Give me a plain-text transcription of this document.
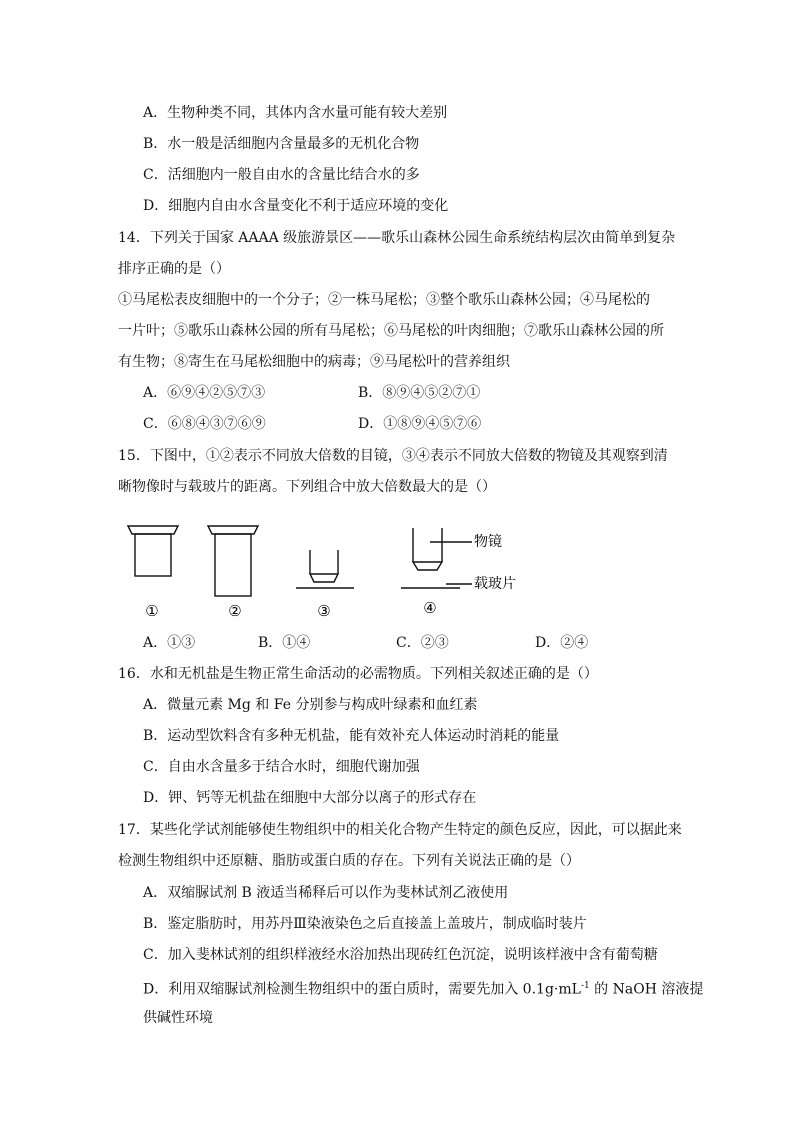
A．生物种类不同，其体内含水量可能有较大差别
B．水一般是活细胞内含量最多的无机化合物
C．活细胞内一般自由水的含量比结合水的多
D．细胞内自由水含量变化不利于适应环境的变化
14．下列关于国家 AAAA 级旅游景区——歌乐山森林公园生命系统结构层次由简单到复杂
排序正确的是（）
①马尾松表皮细胞中的一个分子；②一株马尾松；③整个歌乐山森林公园；④马尾松的
一片叶；⑤歌乐山森林公园的所有马尾松；⑥马尾松的叶肉细胞；⑦歌乐山森林公园的所
有生物；⑧寄生在马尾松细胞中的病毒；⑨马尾松叶的营养组织
A．⑥⑨④②⑤⑦③	B．⑧⑨④⑤②⑦①
C．⑥⑧④③⑦⑥⑨	D．①⑧⑨④⑤⑦⑥
15．下图中，①②表示不同放大倍数的目镜，③④表示不同放大倍数的物镜及其观察到清
晰物像时与载玻片的距离。下列组合中放大倍数最大的是（）
①	②	③
物镜
载玻片
④
A．①③	B．①④	C．②③	D．②④
16．水和无机盐是生物正常生命活动的必需物质。下列相关叙述正确的是（）
A．微量元素 Mg 和 Fe 分别参与构成叶绿素和血红素
B．运动型饮料含有多种无机盐，能有效补充人体运动时消耗的能量
C．自由水含量多于结合水时，细胞代谢加强
D．钾、钙等无机盐在细胞中大部分以离子的形式存在
17．某些化学试剂能够使生物组织中的相关化合物产生特定的颜色反应，因此，可以据此来
检测生物组织中还原糖、脂肪或蛋白质的存在。下列有关说法正确的是（）
A．双缩脲试剂 B 液适当稀释后可以作为斐林试剂乙液使用
B．鉴定脂肪时，用苏丹Ⅲ染液染色之后直接盖上盖玻片，制成临时装片
C．加入斐林试剂的组织样液经水浴加热出现砖红色沉淀，说明该样液中含有葡萄糖
D．利用双缩脲试剂检测生物组织中的蛋白质时，需要先加入 $0.1g\cdot mL^{-1}$ 的 NaOH 溶液提
供碱性环境
